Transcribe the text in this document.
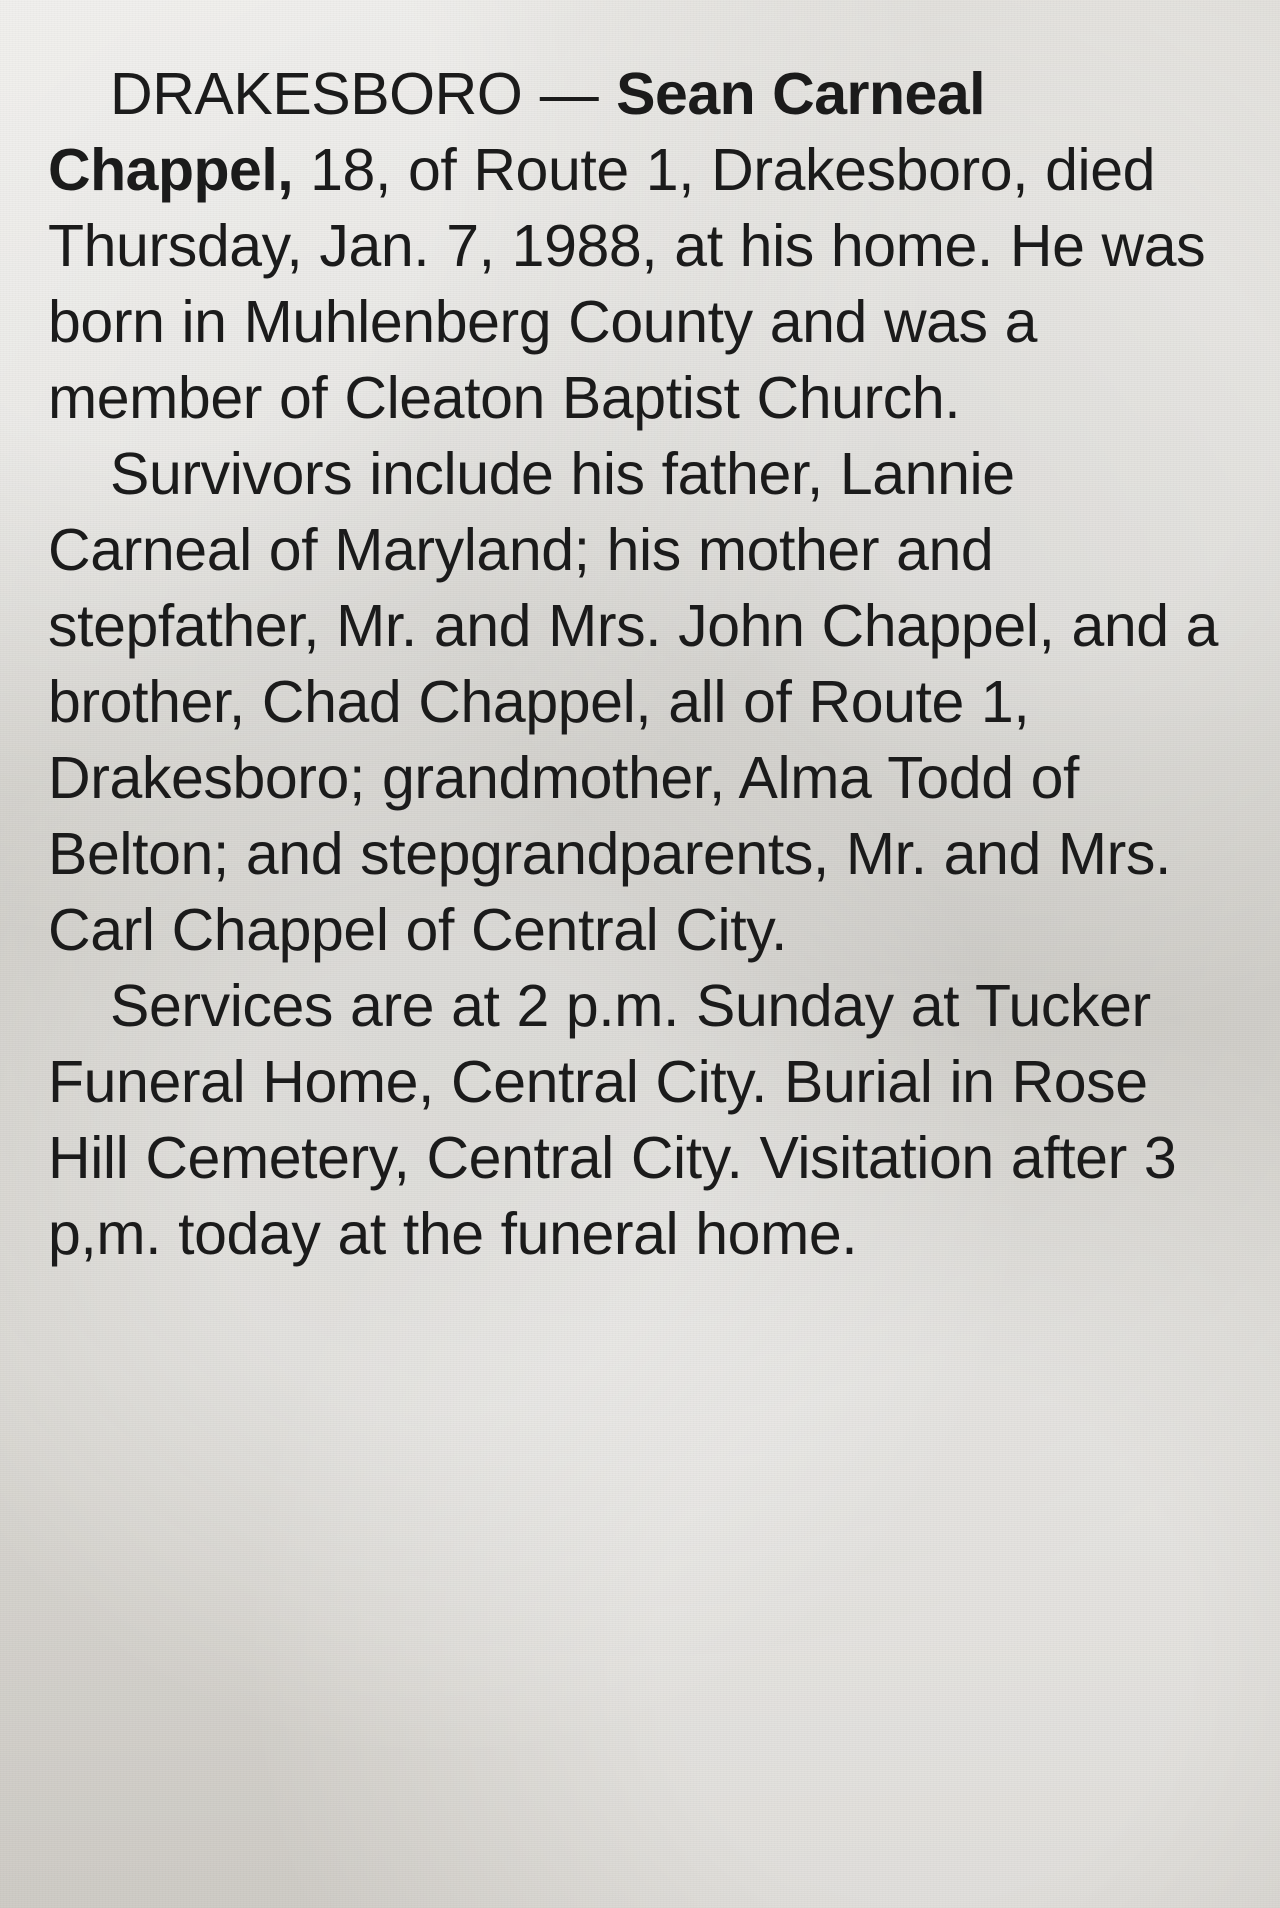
DRAKESBORO — Sean Carneal Chappel, 18, of Route 1, Drakesboro, died Thursday, Jan. 7, 1988, at his home. He was born in Muhlenberg County and was a member of Cleaton Baptist Church.

Survivors include his father, Lannie Carneal of Maryland; his mother and stepfather, Mr. and Mrs. John Chappel, and a brother, Chad Chappel, all of Route 1, Drakesboro; grandmother, Alma Todd of Belton; and stepgrandparents, Mr. and Mrs. Carl Chappel of Central City.

Services are at 2 p.m. Sunday at Tucker Funeral Home, Central City. Burial in Rose Hill Cemetery, Central City. Visitation after 3 p,m. today at the funeral home.
